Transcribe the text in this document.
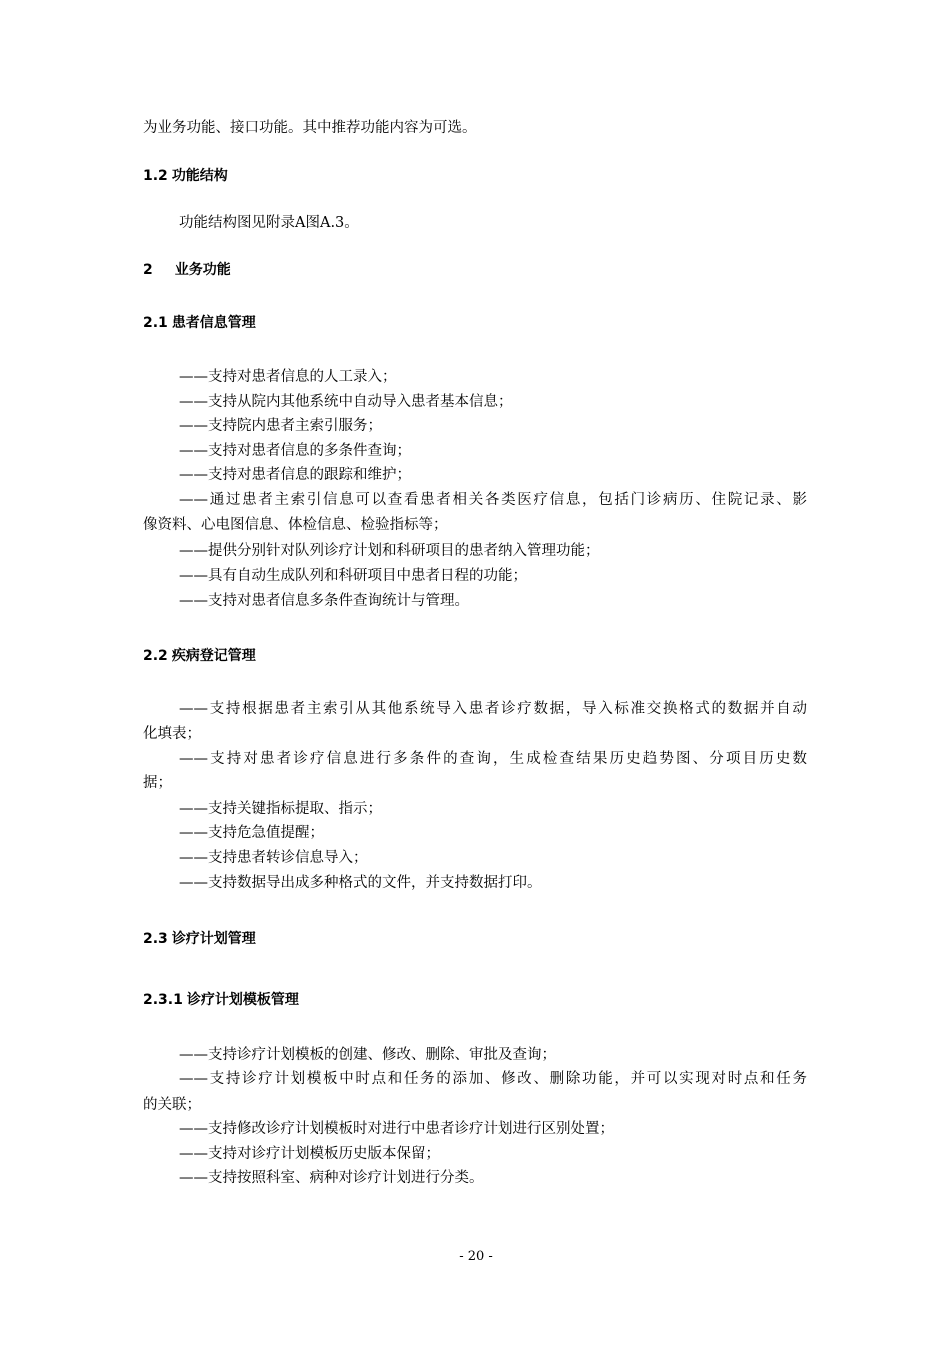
为业务功能、接口功能。其中推荐功能内容为可选。
1.2 功能结构
功能结构图见附录A图A.3。
2 业务功能
2.1 患者信息管理
——支持对患者信息的人工录入；
——支持从院内其他系统中自动导入患者基本信息；
——支持院内患者主索引服务；
——支持对患者信息的多条件查询；
——支持对患者信息的跟踪和维护；
——通过患者主索引信息可以查看患者相关各类医疗信息，包括门诊病历、住院记录、影
像资料、心电图信息、体检信息、检验指标等；
——提供分别针对队列诊疗计划和科研项目的患者纳入管理功能；
——具有自动生成队列和科研项目中患者日程的功能；
——支持对患者信息多条件查询统计与管理。
2.2 疾病登记管理
——支持根据患者主索引从其他系统导入患者诊疗数据，导入标准交换格式的数据并自动
化填表；
——支持对患者诊疗信息进行多条件的查询，生成检查结果历史趋势图、分项目历史数
据；
——支持关键指标提取、指示；
——支持危急值提醒；
——支持患者转诊信息导入；
——支持数据导出成多种格式的文件，并支持数据打印。
2.3 诊疗计划管理
2.3.1 诊疗计划模板管理
——支持诊疗计划模板的创建、修改、删除、审批及查询；
——支持诊疗计划模板中时点和任务的添加、修改、删除功能，并可以实现对时点和任务
的关联；
——支持修改诊疗计划模板时对进行中患者诊疗计划进行区别处置；
——支持对诊疗计划模板历史版本保留；
——支持按照科室、病种对诊疗计划进行分类。
- 20 -
